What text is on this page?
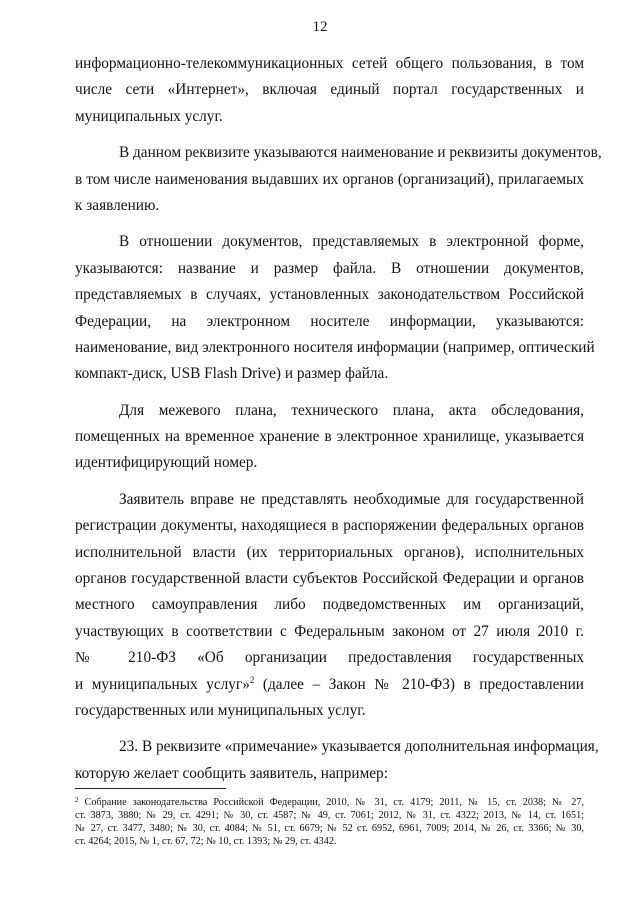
12
информационно-телекоммуникационных сетей общего пользования, в том
числе сети «Интернет», включая единый портал государственных и
муниципальных услуг.
В данном реквизите указываются наименование и реквизиты документов,
в том числе наименования выдавших их органов (организаций), прилагаемых
к заявлению.
В отношении документов, представляемых в электронной форме,
указываются: название и размер файла. В отношении документов,
представляемых в случаях, установленных законодательством Российской
Федерации, на электронном носителе информации, указываются:
наименование, вид электронного носителя информации (например, оптический
компакт-диск, USB Flash Drive) и размер файла.
Для межевого плана, технического плана, акта обследования,
помещенных на временное хранение в электронное хранилище, указывается
идентифицирующий номер.
Заявитель вправе не представлять необходимые для государственной
регистрации документы, находящиеся в распоряжении федеральных органов
исполнительной власти (их территориальных органов), исполнительных
органов государственной власти субъектов Российской Федерации и органов
местного самоуправления либо подведомственных им организаций,
участвующих в соответствии с Федеральным законом от 27 июля 2010 г.
№ 210-ФЗ «Об организации предоставления государственных
и муниципальных услуг»$^2$ (далее – Закон № 210-ФЗ) в предоставлении
государственных или муниципальных услуг.
23. В реквизите «примечание» указывается дополнительная информация,
которую желает сообщить заявитель, например:
$^2$ Собрание законодательства Российской Федерации, 2010, № 31, ст. 4179; 2011, № 15, ст. 2038; № 27,
ст. 3873, 3880; № 29, ст. 4291; № 30, ст. 4587; № 49, ст. 7061; 2012, № 31, ст. 4322; 2013, № 14, ст. 1651;
№ 27, ст. 3477, 3480; № 30, ст. 4084; № 51, ст. 6679; № 52 ст. 6952, 6961, 7009; 2014, № 26, ст. 3366; № 30,
ст. 4264; 2015, № 1, ст. 67, 72; № 10, ст. 1393; № 29, ст. 4342.
